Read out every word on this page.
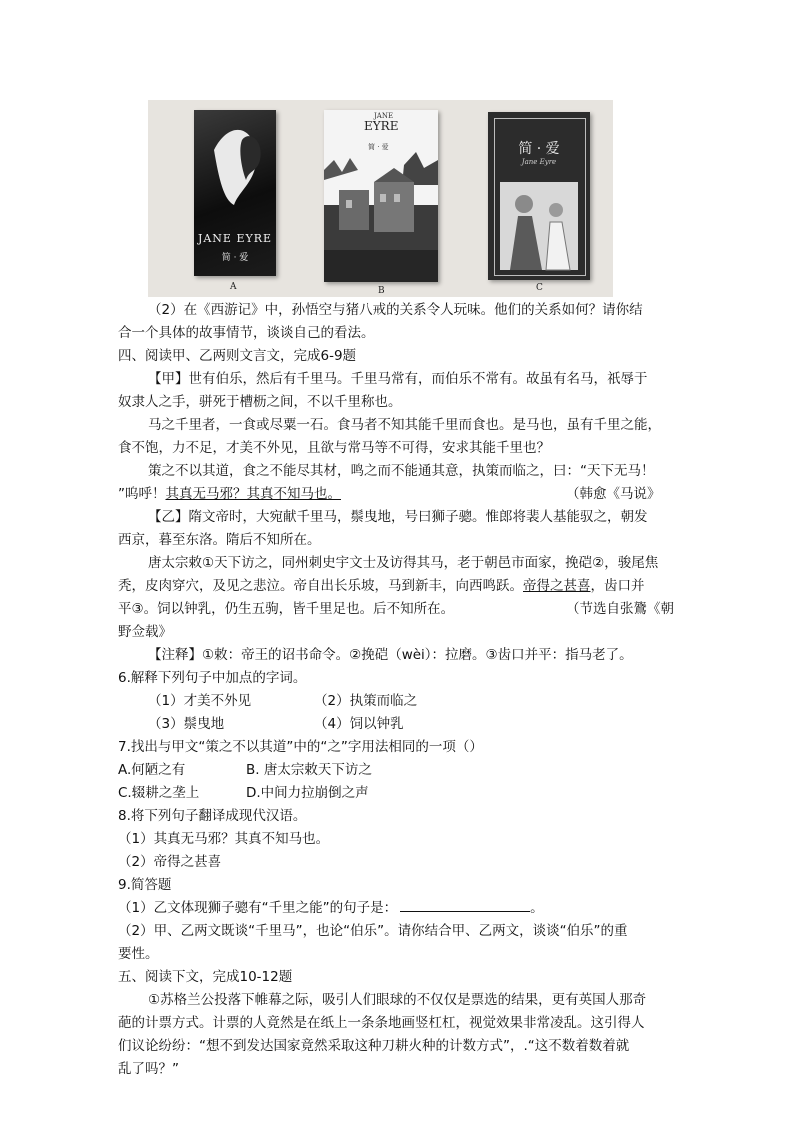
JANE EYRE
简 · 爱
A
JANE
EYRE
简 · 爱
B
简 · 爱
Jane Eyre
C
（2）在《西游记》中，孙悟空与猪八戒的关系令人玩味。他们的关系如何？请你结
合一个具体的故事情节，谈谈自己的看法。
四、阅读甲、乙两则文言文，完成6-9题
【甲】世有伯乐，然后有千里马。千里马常有，而伯乐不常有。故虽有名马，祇辱于
奴隶人之手，骈死于槽枥之间，不以千里称也。
马之千里者，一食或尽粟一石。食马者不知其能千里而食也。是马也，虽有千里之能，
食不饱，力不足，才美不外见，且欲与常马等不可得，安求其能千里也？
策之不以其道，食之不能尽其材，鸣之而不能通其意，执策而临之，曰：“天下无马！
”呜呼！其真无马邪？其真不知马也。	（韩愈《马说》
【乙】隋文帝时，大宛献千里马，鬃曳地，号曰狮子骢。惟郎将裴人基能驭之，朝发
西京，暮至东洛。隋后不知所在。
唐太宗敕①天下访之，同州刺史宇文士及访得其马，老于朝邑市面家，挽硙②，骏尾焦
秃，皮肉穿穴，及见之悲泣。帝自出长乐坡，马到新丰，向西鸣跃。帝得之甚喜，齿口并
平③。饲以钟乳，仍生五驹，皆千里足也。后不知所在。	（节选自张鷟《朝
野佥载》
【注释】①敕：帝王的诏书命令。②挽硙（wèi）：拉磨。③齿口并平：指马老了。
6.解释下列句子中加点的字词。
（1）才美不外见	（2）执策而临之
（3）鬃曳地	（4）饲以钟乳
7.找出与甲文“策之不以其道”中的“之”字用法相同的一项（）
A.何陋之有	B. 唐太宗敕天下访之
C.辍耕之垄上	D.中间力拉崩倒之声
8.将下列句子翻译成现代汉语。
（1）其真无马邪？其真不知马也。
（2）帝得之甚喜
9.简答题
（1）乙文体现狮子骢有“千里之能”的句子是：	。
（2）甲、乙两文既谈“千里马”，也论“伯乐”。请你结合甲、乙两文，谈谈“伯乐”的重
要性。
五、阅读下文，完成10-12题
①苏格兰公投落下帷幕之际，吸引人们眼球的不仅仅是票选的结果，更有英国人那奇
葩的计票方式。计票的人竟然是在纸上一条条地画竖杠杠，视觉效果非常凌乱。这引得人
们议论纷纷：“想不到发达国家竟然采取这种刀耕火种的计数方式”，.“这不数着数着就
乱了吗？”
